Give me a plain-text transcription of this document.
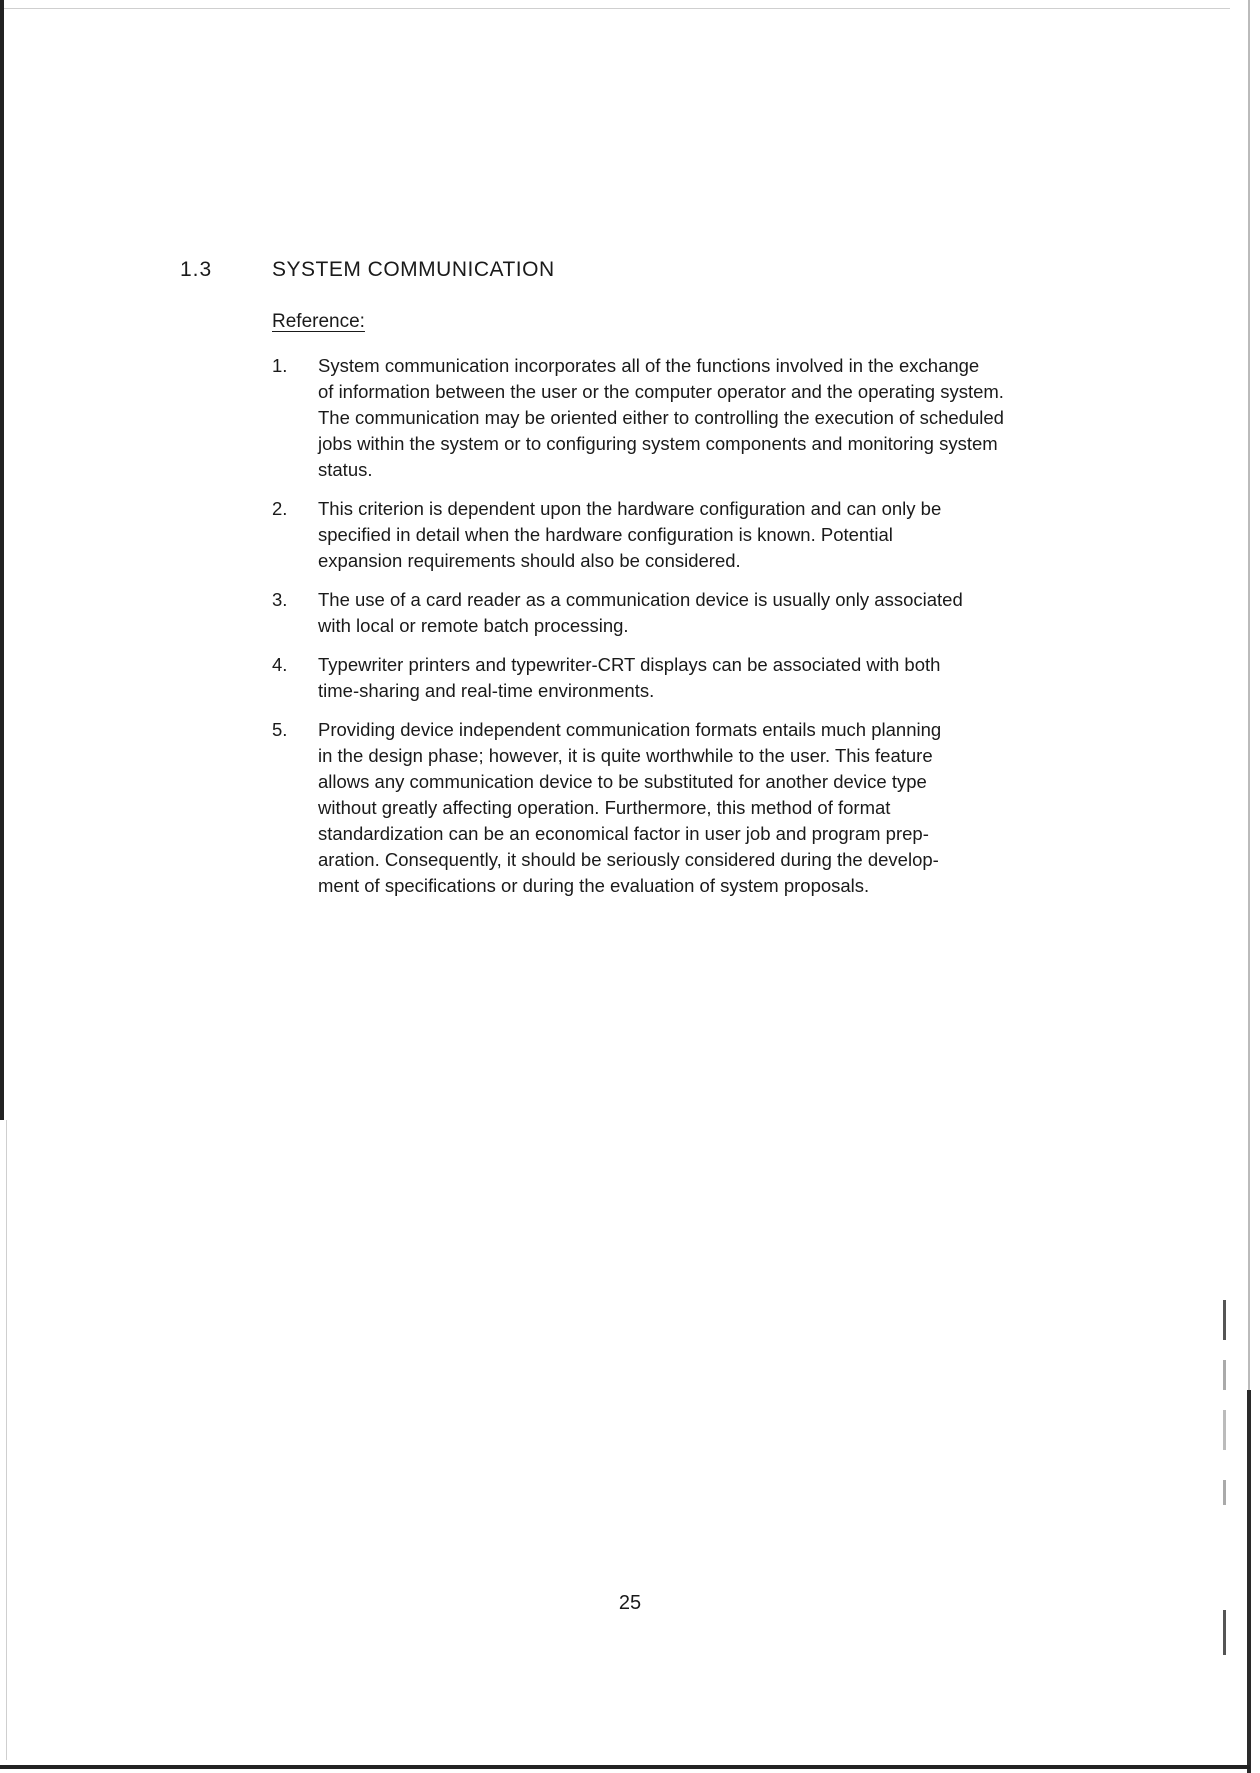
1.3	SYSTEM COMMUNICATION
Reference:
1.	System communication incorporates all of the functions involved in the exchange
of information between the user or the computer operator and the operating system.
The communication may be oriented either to controlling the execution of scheduled
jobs within the system or to configuring system components and monitoring system
status.
2.	This criterion is dependent upon the hardware configuration and can only be
specified in detail when the hardware configuration is known. Potential
expansion requirements should also be considered.
3.	The use of a card reader as a communication device is usually only associated
with local or remote batch processing.
4.	Typewriter printers and typewriter-CRT displays can be associated with both
time-sharing and real-time environments.
5.	Providing device independent communication formats entails much planning
in the design phase; however, it is quite worthwhile to the user. This feature
allows any communication device to be substituted for another device type
without greatly affecting operation. Furthermore, this method of format
standardization can be an economical factor in user job and program prep-
aration. Consequently, it should be seriously considered during the develop-
ment of specifications or during the evaluation of system proposals.
25
